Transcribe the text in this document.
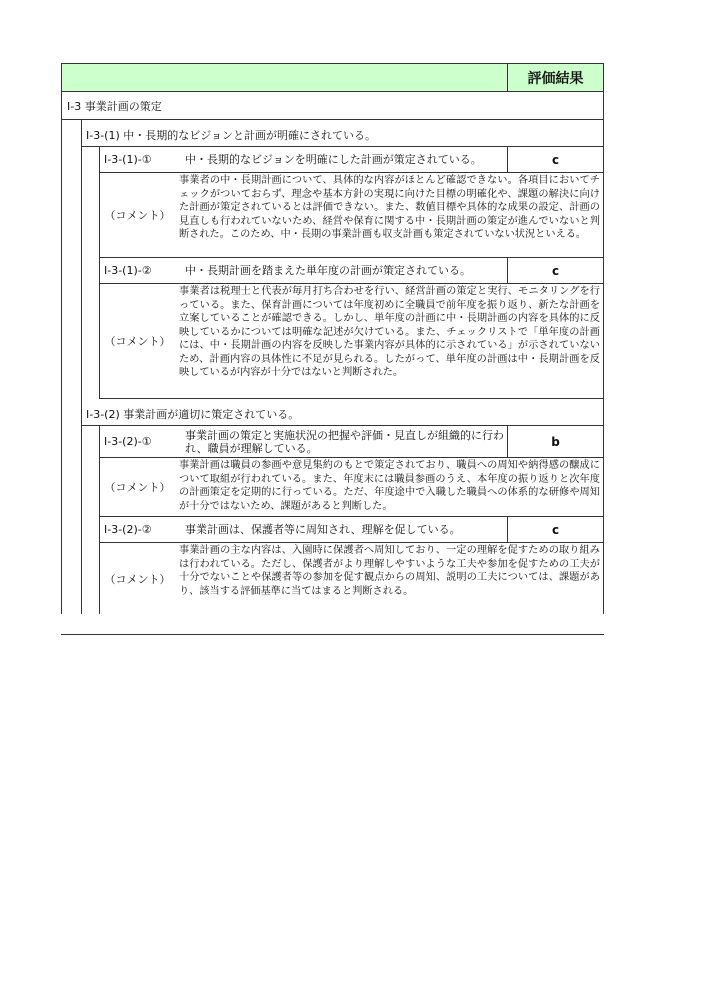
評価結果
Ⅰ-3 事業計画の策定
Ⅰ-3-(1) 中・長期的なビジョンと計画が明確にされている。
Ⅰ-3-(1)-①	中・長期的なビジョンを明確にした計画が策定されている。	c
（コメント）
事業者の中・長期計画について、具体的な内容がほとんど確認できない。各項目においてチェックがついておらず、理念や基本方針の実現に向けた目標の明確化や、課題の解決に向けた計画が策定されているとは評価できない。また、数値目標や具体的な成果の設定、計画の見直しも行われていないため、経営や保育に関する中・長期計画の策定が進んでいないと判断された。このため、中・長期の事業計画も収支計画も策定されていない状況といえる。
Ⅰ-3-(1)-②	中・長期計画を踏まえた単年度の計画が策定されている。	c
（コメント）
事業者は税理士と代表が毎月打ち合わせを行い、経営計画の策定と実行、モニタリングを行っている。また、保育計画については年度初めに全職員で前年度を振り返り、新たな計画を立案していることが確認できる。しかし、単年度の計画に中・長期計画の内容を具体的に反映しているかについては明確な記述が欠けている。また、チェックリストで「単年度の計画には、中・長期計画の内容を反映した事業内容が具体的に示されている」が示されていないため、計画内容の具体性に不足が見られる。したがって、単年度の計画は中・長期計画を反映しているが内容が十分ではないと判断された。
Ⅰ-3-(2) 事業計画が適切に策定されている。
Ⅰ-3-(2)-①	事業計画の策定と実施状況の把握や評価・見直しが組織的に行われ、職員が理解している。	b
（コメント）
事業計画は職員の参画や意見集約のもとで策定されており、職員への周知や納得感の醸成について取組が行われている。また、年度末には職員参画のうえ、本年度の振り返りと次年度の計画策定を定期的に行っている。ただ、年度途中で入職した職員への体系的な研修や周知が十分ではないため、課題があると判断した。
Ⅰ-3-(2)-②	事業計画は、保護者等に周知され、理解を促している。	c
（コメント）
事業計画の主な内容は、入園時に保護者へ周知しており、一定の理解を促すための取り組みは行われている。ただし、保護者がより理解しやすいような工夫や参加を促すための工夫が十分でないことや保護者等の参加を促す観点からの周知、説明の工夫については、課題があり、該当する評価基準に当てはまると判断される。
